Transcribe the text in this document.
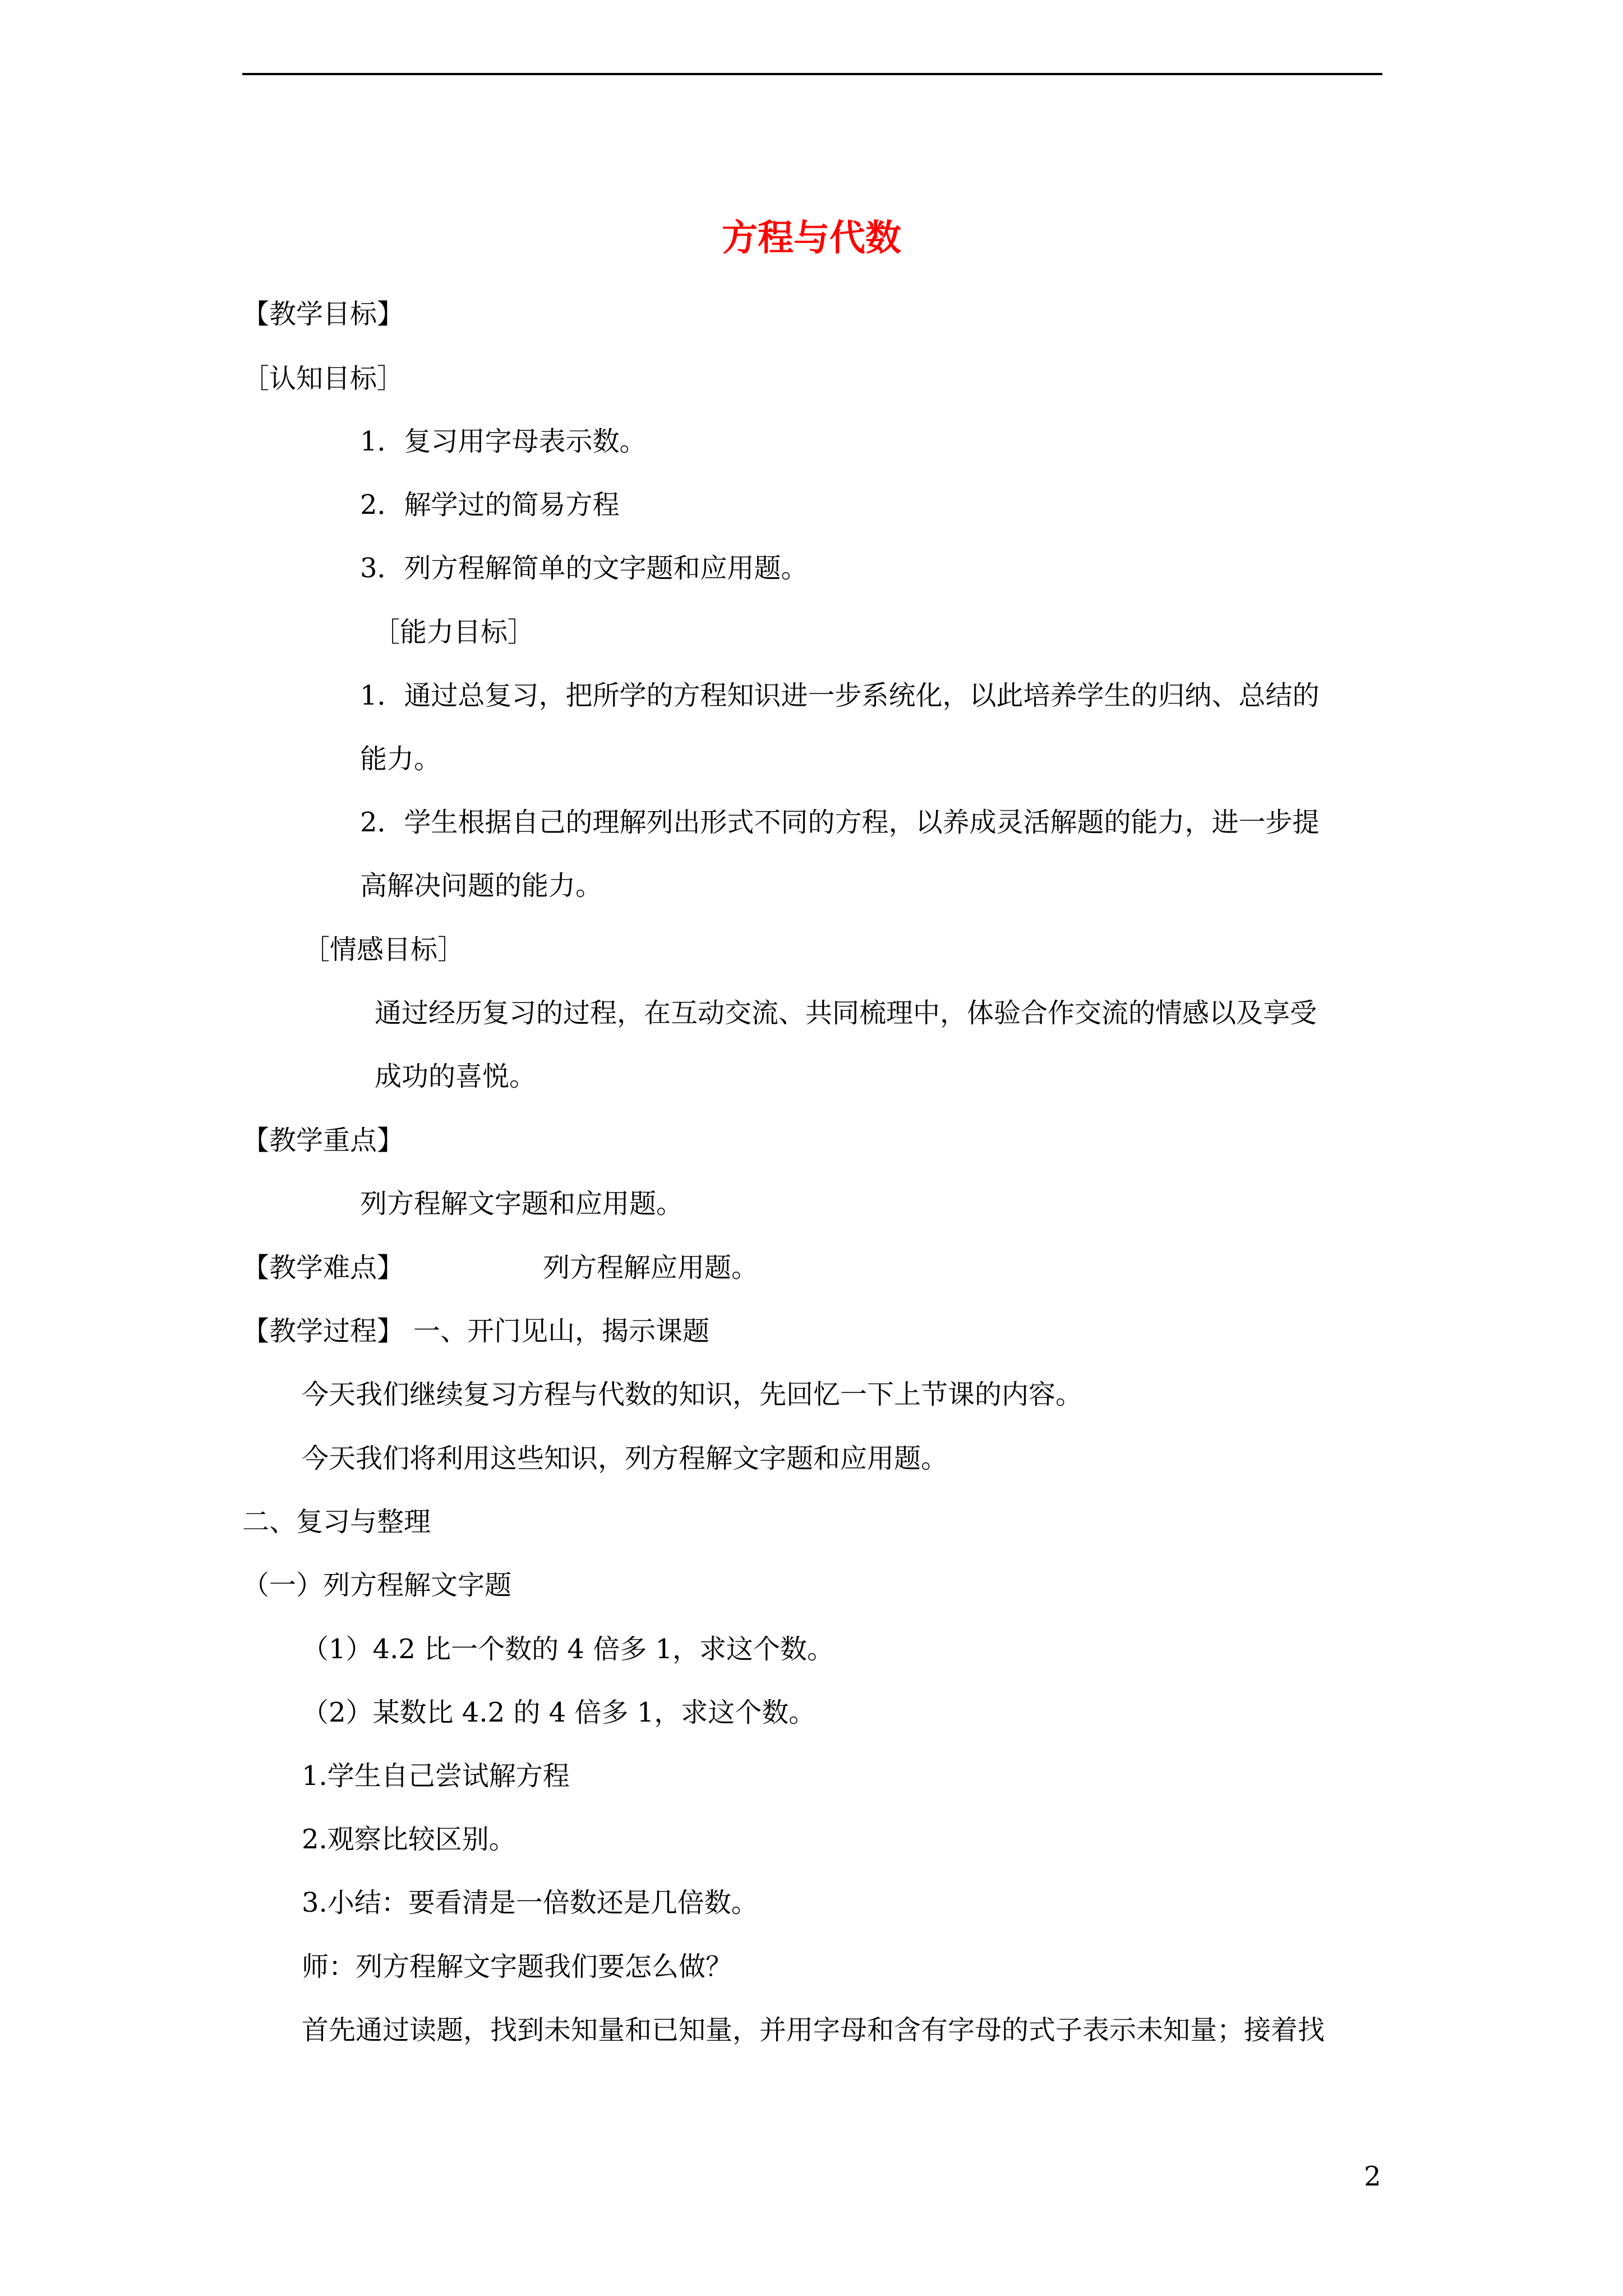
方程与代数
【教学目标】
［认知目标］
1．复习用字母表示数。
2．解学过的简易方程
3．列方程解简单的文字题和应用题。
［能力目标］
1．通过总复习，把所学的方程知识进一步系统化，以此培养学生的归纳、总结的
能力。
2．学生根据自己的理解列出形式不同的方程，以养成灵活解题的能力，进一步提
高解决问题的能力。
［情感目标］
通过经历复习的过程，在互动交流、共同梳理中，体验合作交流的情感以及享受
成功的喜悦。
【教学重点】
列方程解文字题和应用题。
【教学难点】	列方程解应用题。
【教学过程】 一、开门见山，揭示课题
今天我们继续复习方程与代数的知识，先回忆一下上节课的内容。
今天我们将利用这些知识，列方程解文字题和应用题。
二、复习与整理
（一）列方程解文字题
（1）4.2 比一个数的 4 倍多 1，求这个数。
（2）某数比 4.2 的 4 倍多 1，求这个数。
1.学生自己尝试解方程
2.观察比较区别。
3.小结：要看清是一倍数还是几倍数。
师：列方程解文字题我们要怎么做？
首先通过读题，找到未知量和已知量，并用字母和含有字母的式子表示未知量；接着找
2
